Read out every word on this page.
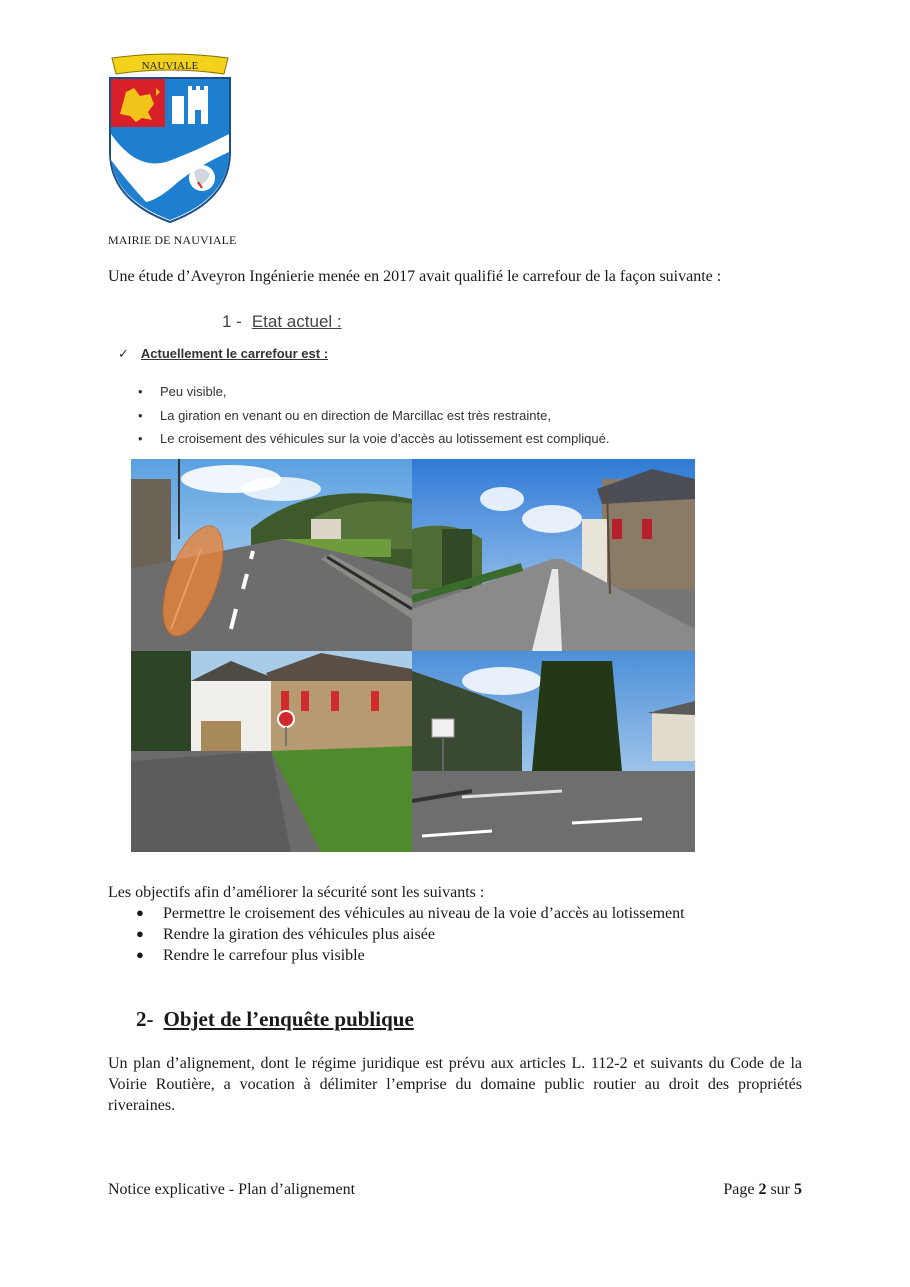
NAUVIALE
MAIRIE DE NAUVIALE
Une étude d’Aveyron Ingénierie menée en 2017 avait qualifié le carrefour de la façon suivante :
1 - Etat actuel :
✓ Actuellement le carrefour est :
• Peu visible,
• La giration en venant ou en direction de Marcillac est très restrainte,
• Le croisement des véhicules sur la voie d’accès au lotissement est compliqué.
Les objectifs afin d’améliorer la sécurité sont les suivants :
● Permettre le croisement des véhicules au niveau de la voie d’accès au lotissement
● Rendre la giration des véhicules plus aisée
● Rendre le carrefour plus visible
2- Objet de l’enquête publique
Un plan d’alignement, dont le régime juridique est prévu aux articles L. 112-2 et suivants du Code de la Voirie Routière, a vocation à délimiter l’emprise du domaine public routier au droit des propriétés riveraines.
Notice explicative - Plan d’alignement	Page 2 sur 5
